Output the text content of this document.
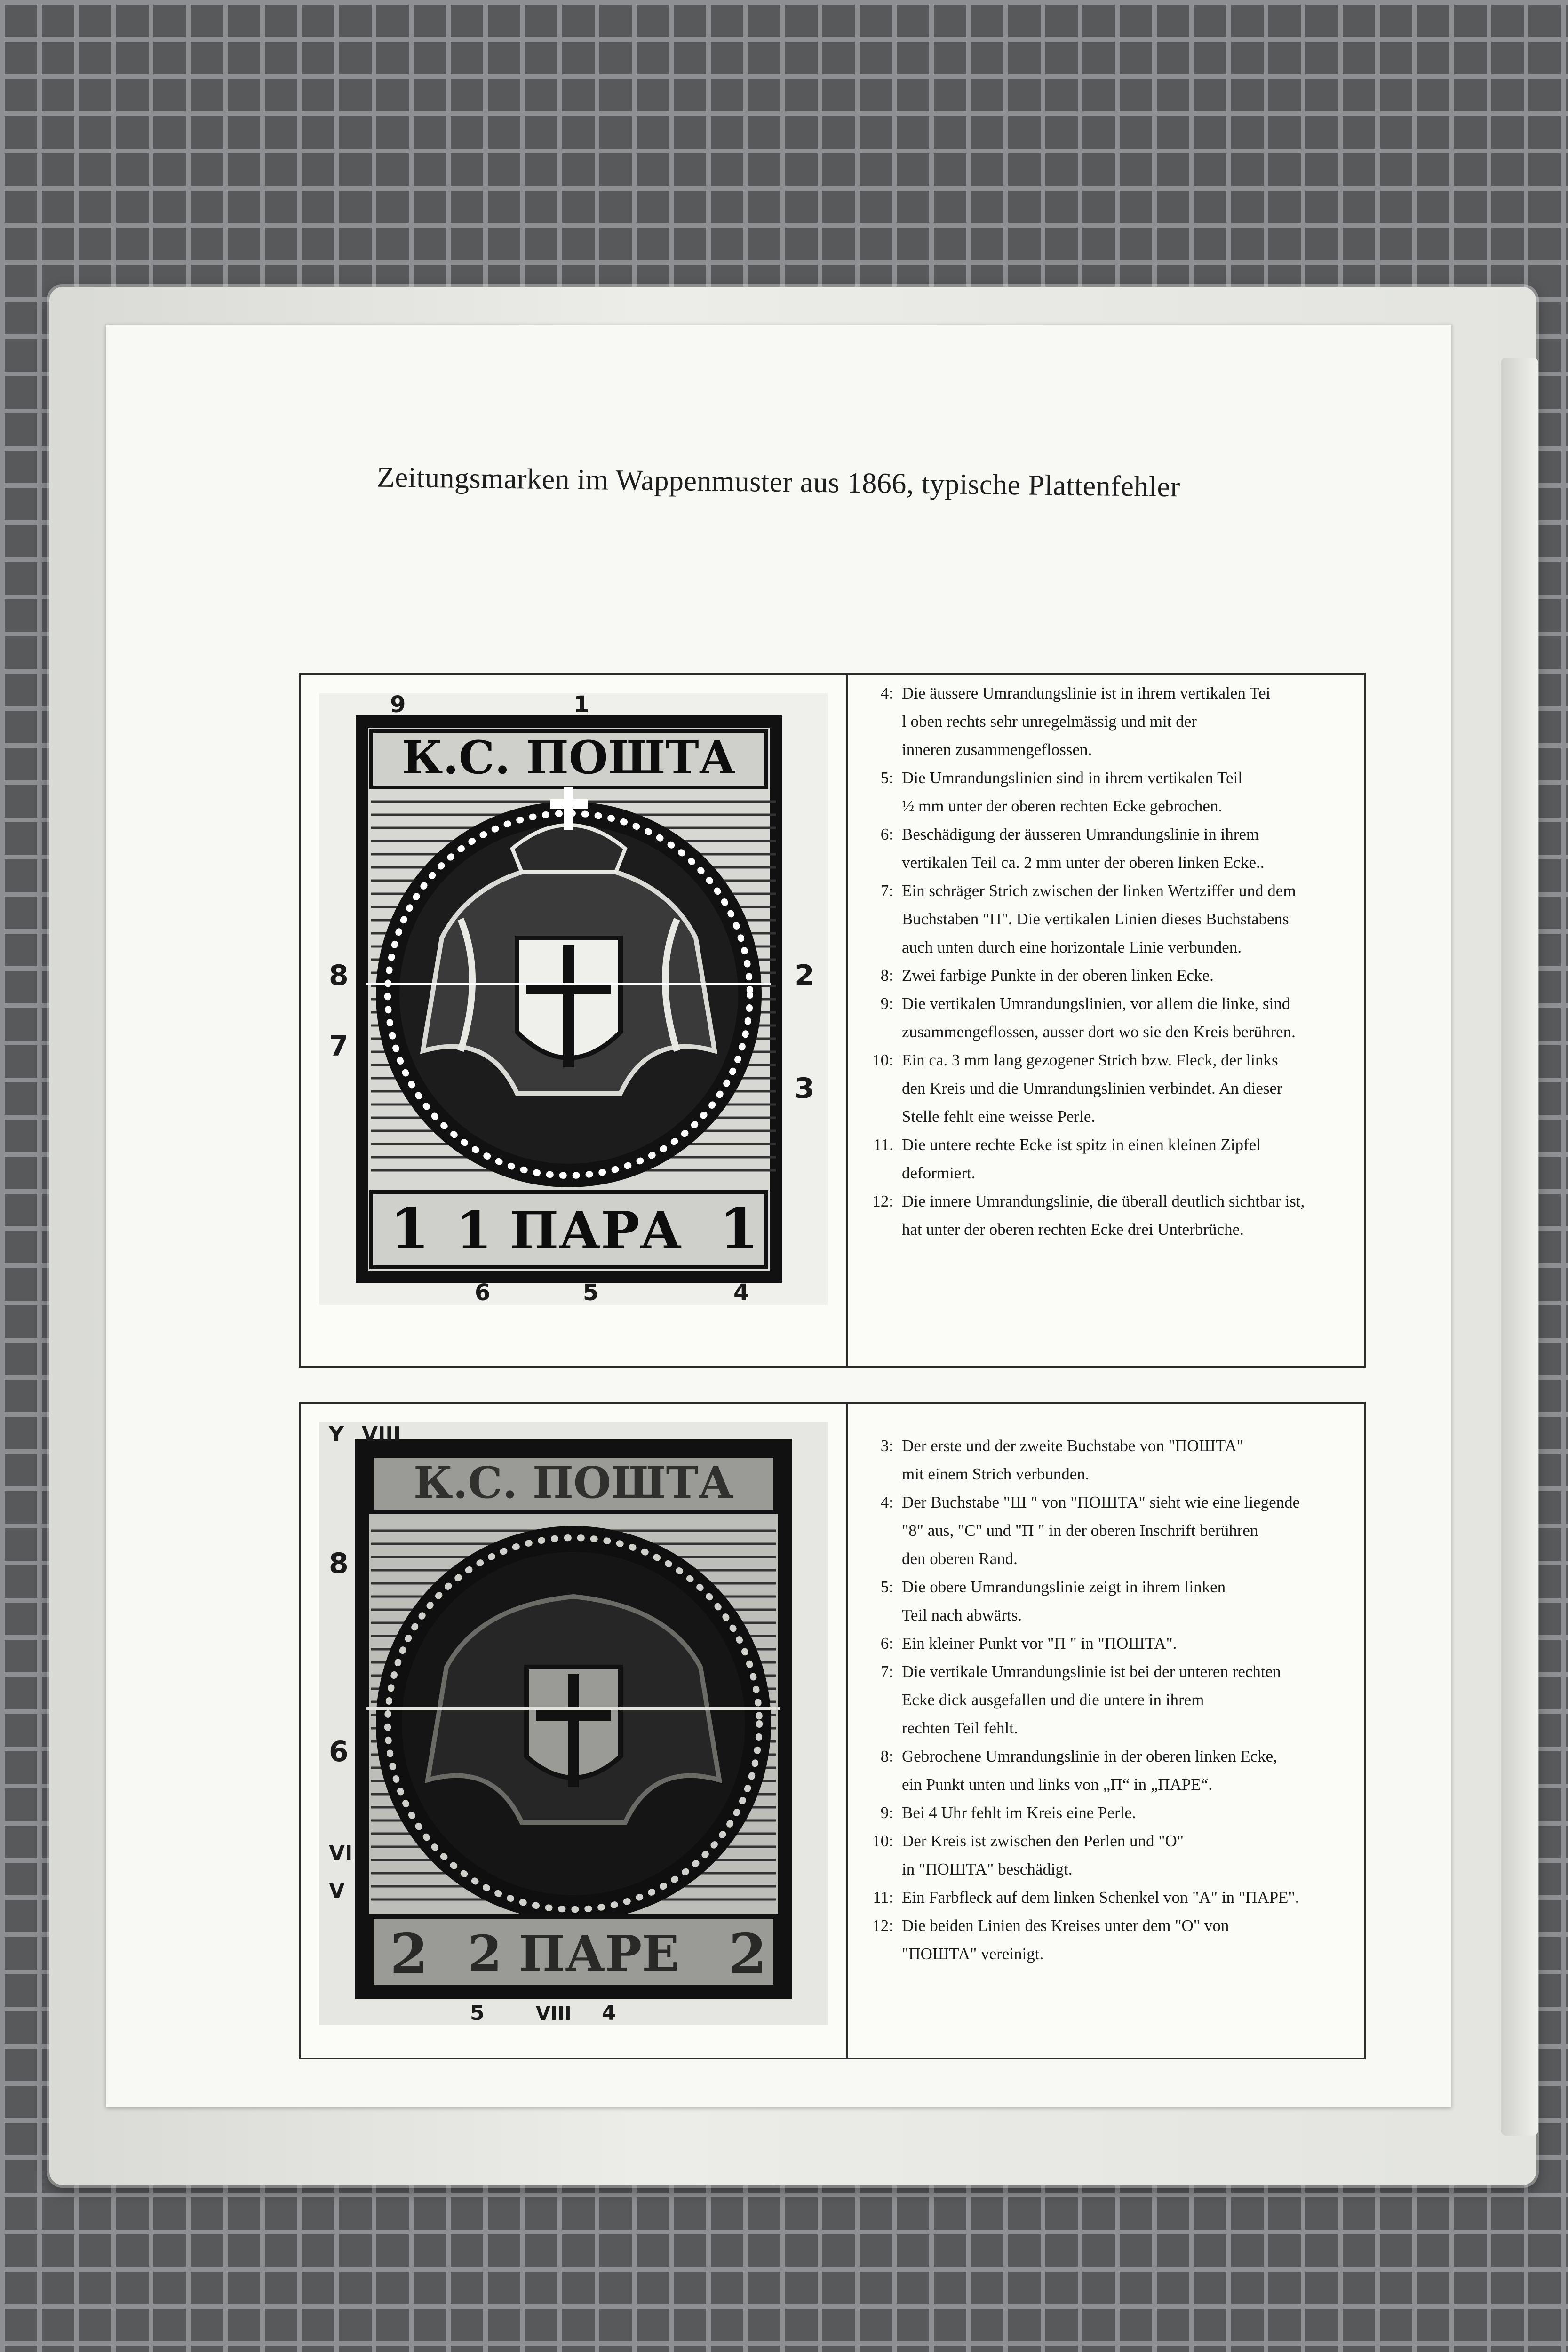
Zeitungsmarken im Wappenmuster aus 1866, typische Plattenfehler
К.С. ПОШТА
1 ПАРА
1	1
9	1
8
7
2
3
6	5	4
4: Die äussere Umrandungslinie ist in ihrem vertikalen Tei
l oben rechts sehr unregelmässig und mit der
inneren zusammengeflossen.
5: Die Umrandungslinien sind in ihrem vertikalen Teil
½ mm unter der oberen rechten Ecke gebrochen.
6: Beschädigung der äusseren Umrandungslinie in ihrem
vertikalen Teil ca. 2 mm unter der oberen linken Ecke..
7: Ein schräger Strich zwischen der linken Wertziffer und dem
Buchstaben "П". Die vertikalen Linien dieses Buchstabens
auch unten durch eine horizontale Linie verbunden.
8: Zwei farbige Punkte in der oberen linken Ecke.
9: Die vertikalen Umrandungslinien, vor allem die linke, sind
zusammengeflossen, ausser dort wo sie den Kreis berühren.
10: Ein ca. 3 mm lang gezogener Strich bzw. Fleck, der links
den Kreis und die Umrandungslinien verbindet. An dieser
Stelle fehlt eine weisse Perle.
11. Die untere rechte Ecke ist spitz in einen kleinen Zipfel
deformiert.
12: Die innere Umrandungslinie, die überall deutlich sichtbar ist,
hat unter der oberen rechten Ecke drei Unterbrüche.
К.С. ПОШТА
2 ПАРЕ
2	2
Y VIII
8
6
VI
V
5	VIII 4
3: Der erste und der zweite Buchstabe von "ПОШТА"
mit einem Strich verbunden.
4: Der Buchstabe "Ш " von "ПОШТА" sieht wie eine liegende
"8" aus, "C" und "П " in der oberen Inschrift berühren
den oberen Rand.
5: Die obere Umrandungslinie zeigt in ihrem linken
Teil nach abwärts.
6: Ein kleiner Punkt vor "П " in "ПОШТА".
7: Die vertikale Umrandungslinie ist bei der unteren rechten
Ecke dick ausgefallen und die untere in ihrem
rechten Teil fehlt.
8: Gebrochene Umrandungslinie in der oberen linken Ecke,
ein Punkt unten und links von „П“ in „ПАРЕ“.
9: Bei 4 Uhr fehlt im Kreis eine Perle.
10: Der Kreis ist zwischen den Perlen und "O"
in "ПОШТА" beschädigt.
11: Ein Farbfleck auf dem linken Schenkel von "A" in "ПАРЕ".
12: Die beiden Linien des Kreises unter dem "O" von
"ПОШТА" vereinigt.
